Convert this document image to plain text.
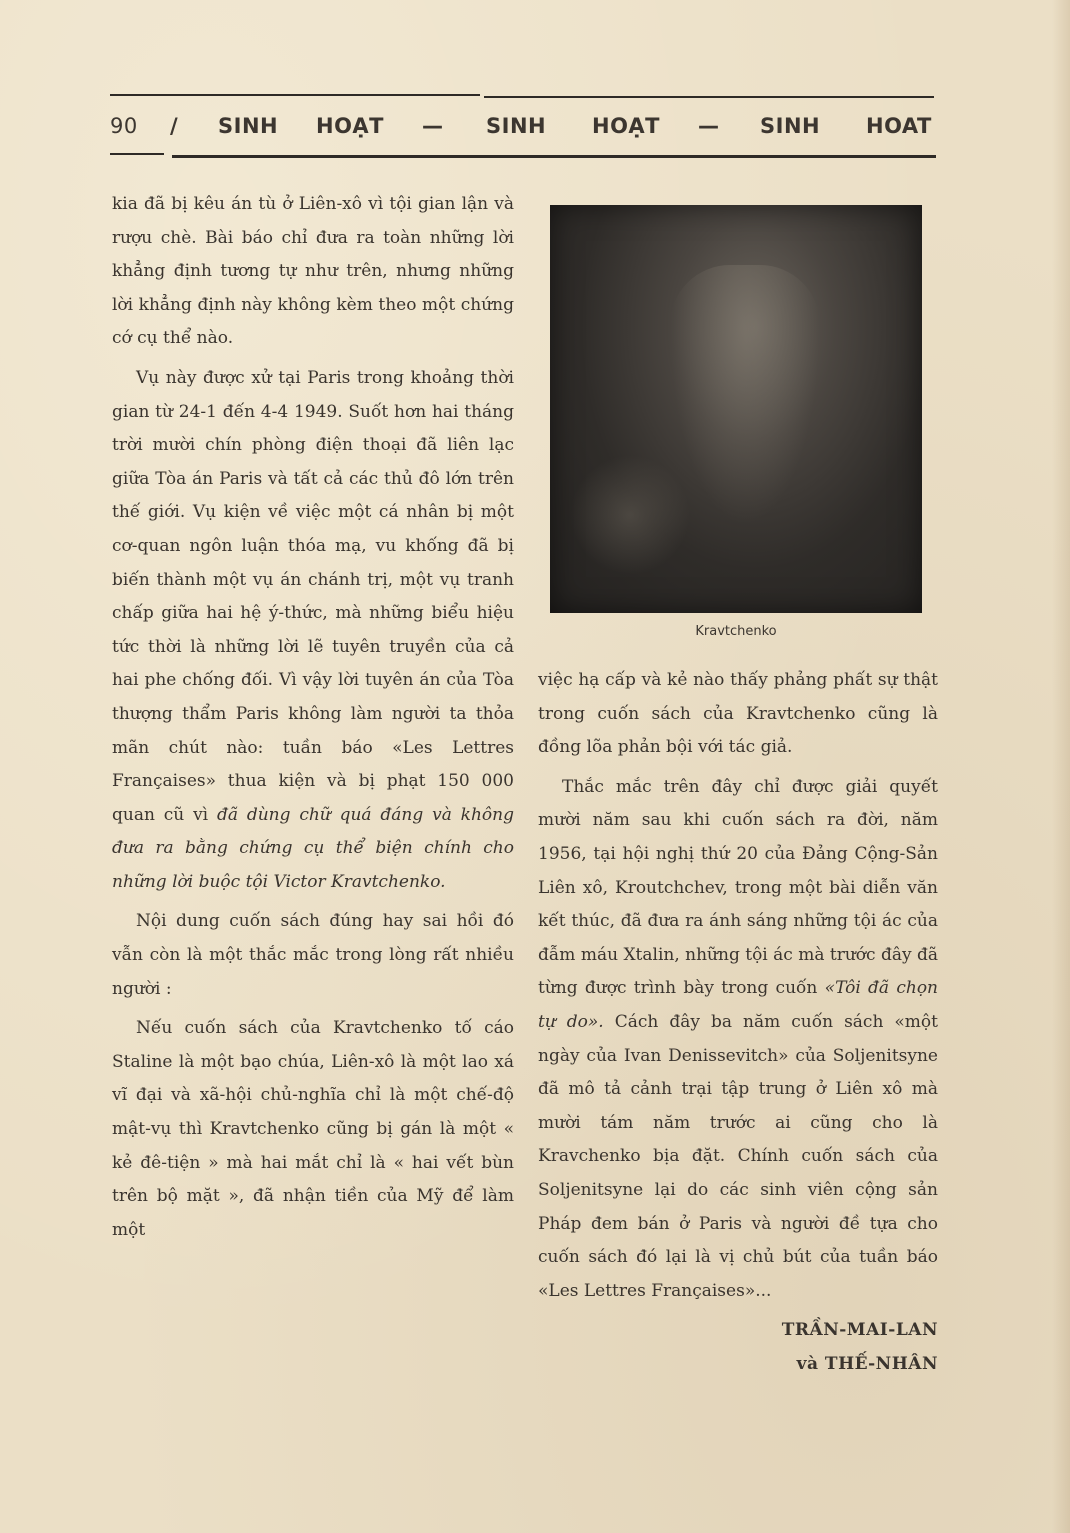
90 / SINH HOẠT — SINH HOẠT — SINH HOAT

kia đã bị kêu án tù ở Liên-xô vì tội gian lận và rượu chè. Bài báo chỉ đưa ra toàn những lời khẳng định tương tự như trên, nhưng những lời khẳng định này không kèm theo một chứng cớ cụ thể nào.

Vụ này được xử tại Paris trong khoảng thời gian từ 24-1 đến 4-4 1949. Suốt hơn hai tháng trời mười chín phòng điện thoại đã liên lạc giữa Tòa án Paris và tất cả các thủ đô lớn trên thế giới. Vụ kiện về việc một cá nhân bị một cơ-quan ngôn luận thóa mạ, vu khống đã bị biến thành một vụ án chánh trị, một vụ tranh chấp giữa hai hệ ý-thức, mà những biểu hiệu tức thời là những lời lẽ tuyên truyền của cả hai phe chống đối. Vì vậy lời tuyên án của Tòa thượng thẩm Paris không làm người ta thỏa mãn chút nào: tuần báo «Les Lettres Françaises» thua kiện và bị phạt 150 000 quan cũ vì đã dùng chữ quá đáng và không đưa ra bằng chứng cụ thể biện chính cho những lời buộc tội Victor Kravtchenko.

Nội dung cuốn sách đúng hay sai hồi đó vẫn còn là một thắc mắc trong lòng rất nhiều người :

Nếu cuốn sách của Kravtchenko tố cáo Staline là một bạo chúa, Liên-xô là một lao xá vĩ đại và xã-hội chủ-nghĩa chỉ là một chế-độ mật-vụ thì Kravtchenko cũng bị gán là một « kẻ đê-tiện » mà hai mắt chỉ là « hai vết bùn trên bộ mặt », đã nhận tiền của Mỹ để làm một

Kravtchenko

việc hạ cấp và kẻ nào thấy phảng phất sự thật trong cuốn sách của Kravtchenko cũng là đồng lõa phản bội với tác giả.

Thắc mắc trên đây chỉ được giải quyết mười năm sau khi cuốn sách ra đời, năm 1956, tại hội nghị thứ 20 của Đảng Cộng-Sản Liên xô, Kroutchchev, trong một bài diễn văn kết thúc, đã đưa ra ánh sáng những tội ác của đẫm máu Xtalin, những tội ác mà trước đây đã từng được trình bày trong cuốn «Tôi đã chọn tự do». Cách đây ba năm cuốn sách «một ngày của Ivan Denissevitch» của Soljenitsyne đã mô tả cảnh trại tập trung ở Liên xô mà mười tám năm trước ai cũng cho là Kravchenko bịa đặt. Chính cuốn sách của Soljenitsyne lại do các sinh viên cộng sản Pháp đem bán ở Paris và người đề tựa cho cuốn sách đó lại là vị chủ bút của tuần báo «Les Lettres Françaises»...

TRẦN-MAI-LAN

và THẾ-NHÂN
